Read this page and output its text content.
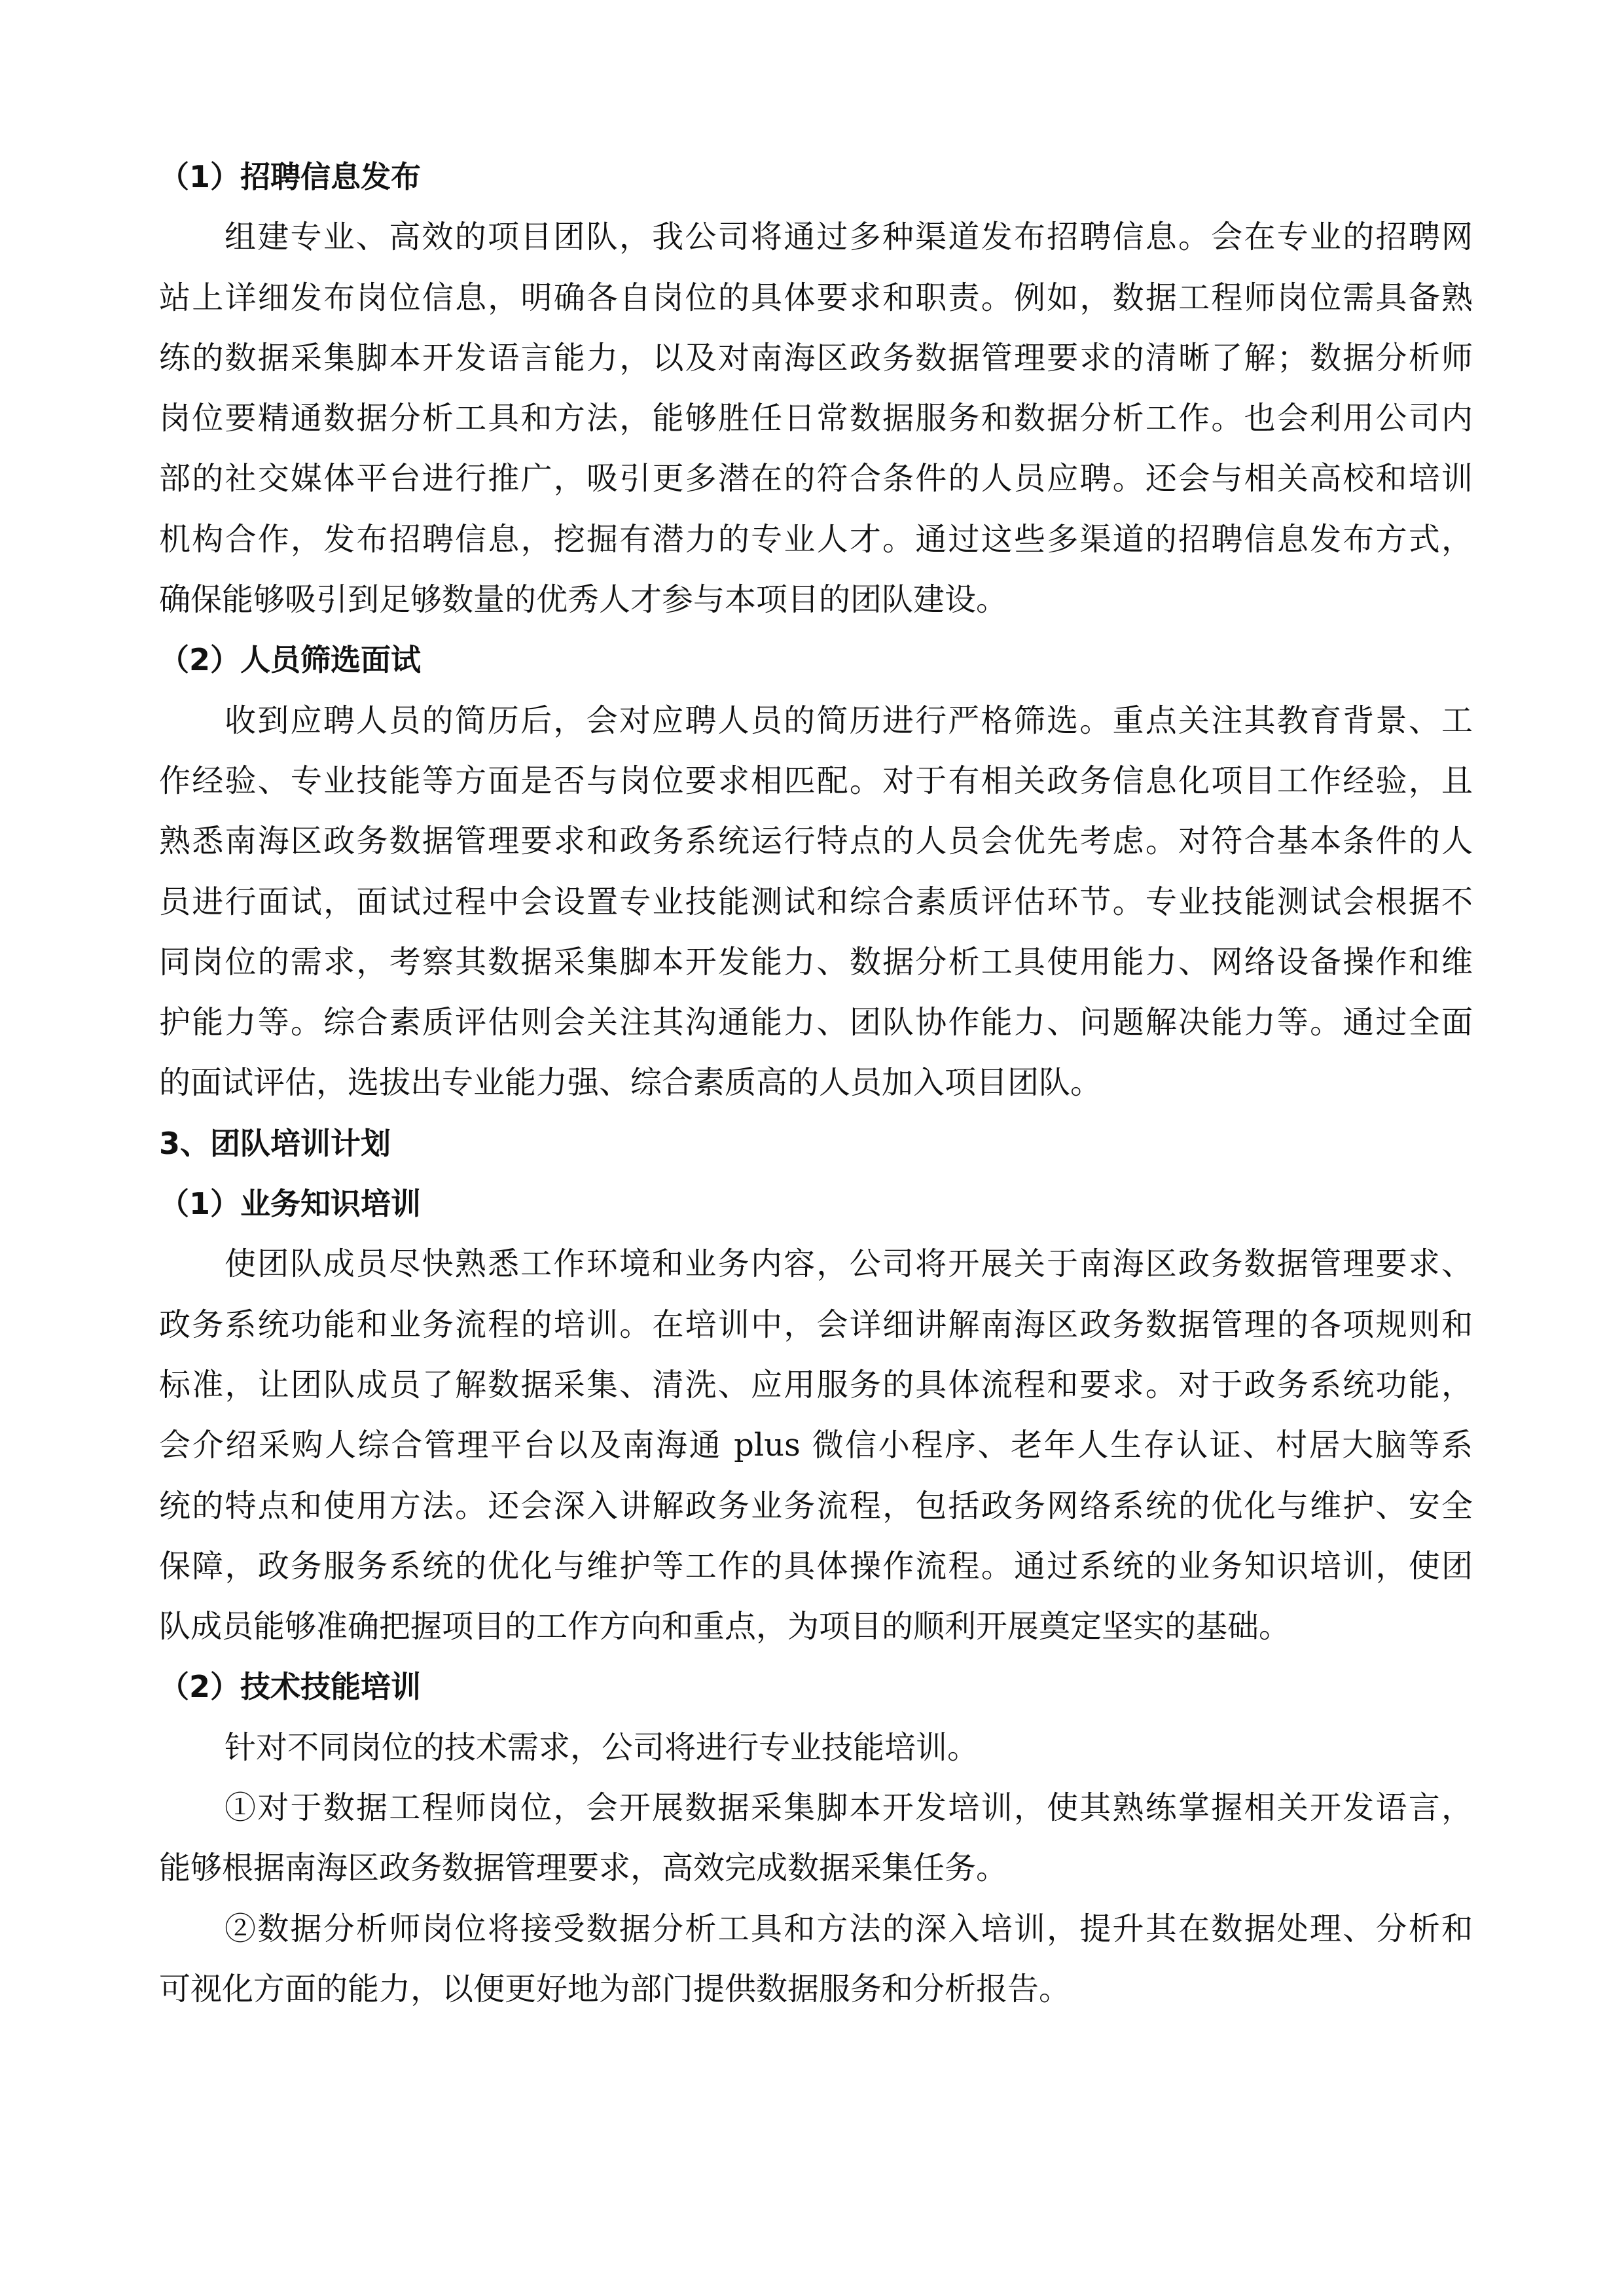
（1）招聘信息发布
组建专业、高效的项目团队，我公司将通过多种渠道发布招聘信息。会在专业的招聘网
站上详细发布岗位信息，明确各自岗位的具体要求和职责。例如，数据工程师岗位需具备熟
练的数据采集脚本开发语言能力，以及对南海区政务数据管理要求的清晰了解；数据分析师
岗位要精通数据分析工具和方法，能够胜任日常数据服务和数据分析工作。也会利用公司内
部的社交媒体平台进行推广，吸引更多潜在的符合条件的人员应聘。还会与相关高校和培训
机构合作，发布招聘信息，挖掘有潜力的专业人才。通过这些多渠道的招聘信息发布方式，
确保能够吸引到足够数量的优秀人才参与本项目的团队建设。
（2）人员筛选面试
收到应聘人员的简历后，会对应聘人员的简历进行严格筛选。重点关注其教育背景、工
作经验、专业技能等方面是否与岗位要求相匹配。对于有相关政务信息化项目工作经验，且
熟悉南海区政务数据管理要求和政务系统运行特点的人员会优先考虑。对符合基本条件的人
员进行面试，面试过程中会设置专业技能测试和综合素质评估环节。专业技能测试会根据不
同岗位的需求，考察其数据采集脚本开发能力、数据分析工具使用能力、网络设备操作和维
护能力等。综合素质评估则会关注其沟通能力、团队协作能力、问题解决能力等。通过全面
的面试评估，选拔出专业能力强、综合素质高的人员加入项目团队。
3、团队培训计划
（1）业务知识培训
使团队成员尽快熟悉工作环境和业务内容，公司将开展关于南海区政务数据管理要求、
政务系统功能和业务流程的培训。在培训中，会详细讲解南海区政务数据管理的各项规则和
标准，让团队成员了解数据采集、清洗、应用服务的具体流程和要求。对于政务系统功能，
会介绍采购人综合管理平台以及南海通 plus 微信小程序、老年人生存认证、村居大脑等系
统的特点和使用方法。还会深入讲解政务业务流程，包括政务网络系统的优化与维护、安全
保障，政务服务系统的优化与维护等工作的具体操作流程。通过系统的业务知识培训，使团
队成员能够准确把握项目的工作方向和重点，为项目的顺利开展奠定坚实的基础。
（2）技术技能培训
针对不同岗位的技术需求，公司将进行专业技能培训。
①对于数据工程师岗位，会开展数据采集脚本开发培训，使其熟练掌握相关开发语言，
能够根据南海区政务数据管理要求，高效完成数据采集任务。
②数据分析师岗位将接受数据分析工具和方法的深入培训，提升其在数据处理、分析和
可视化方面的能力，以便更好地为部门提供数据服务和分析报告。
